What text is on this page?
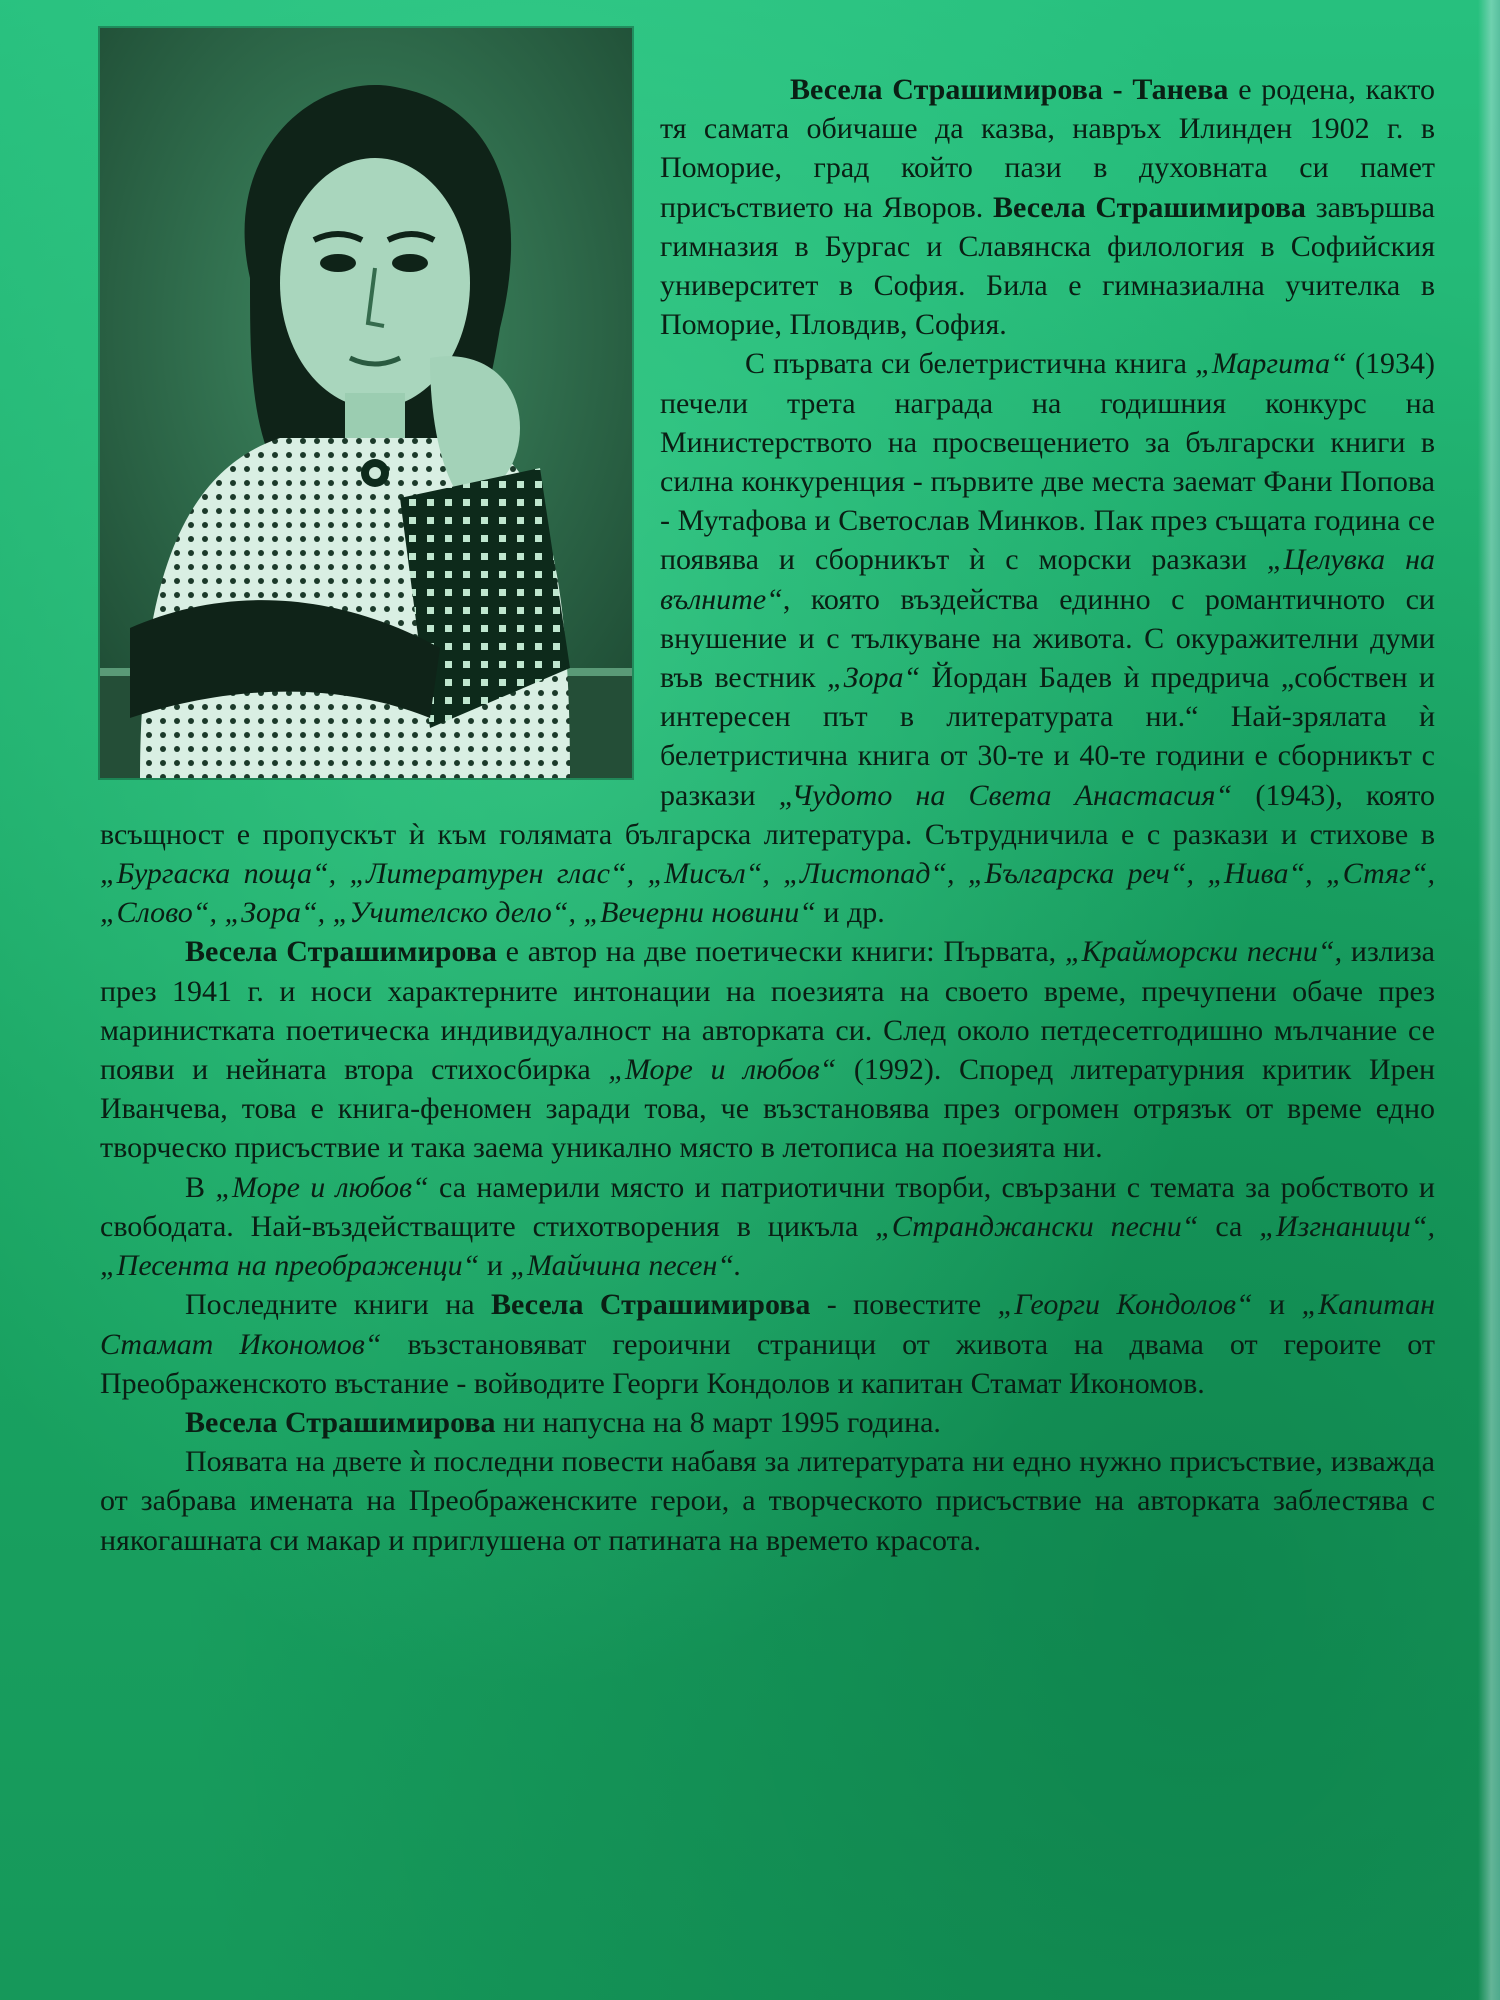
Весела Страшимирова - Танева е родена, както тя самата обичаше да казва, навръх Илинден 1902 г. в Поморие, град който пази в духовната си памет присъствието на Яворов. Весела Страшимирова завършва гимназия в Бургас и Славянска филология в Софийския университет в София. Била е гимназиална учителка в Поморие, Пловдив, София.

С първата си белетристична книга „Маргита“ (1934) печели трета награда на годишния конкурс на Министерството на просвещението за български книги в силна конкуренция - първите две места заемат Фани Попова - Мутафова и Светослав Минков. Пак през същата година се появява и сборникът ѝ с морски разкази „Целувка на вълните“, която въздейства единно с романтичното си внушение и с тълкуване на живота. С окуражителни думи във вестник „Зора“ Йордан Бадев ѝ предрича „собствен и интересен път в литературата ни.“ Най-зрялата ѝ белетристична книга от 30-те и 40-те години е сборникът с разкази „Чудото на Света Анастасия“ (1943), която всъщност е пропускът ѝ към голямата българска литература. Сътрудничила е с разкази и стихове в „Бургаска поща“, „Литературен глас“, „Мисъл“, „Листопад“, „Българска реч“, „Нива“, „Стяг“, „Слово“, „Зора“, „Учителско дело“, „Вечерни новини“ и др.

Весела Страшимирова е автор на две поетически книги: Първата, „Крайморски песни“, излиза през 1941 г. и носи характерните интонации на поезията на своето време, пречупени обаче през маринистката поетическа индивидуалност на авторката си. След около петдесетгодишно мълчание се появи и нейната втора стихосбирка „Море и любов“ (1992). Според литературния критик Ирен Иванчева, това е книга-феномен заради това, че възстановява през огромен отрязък от време едно творческо присъствие и така заема уникално място в летописа на поезията ни.

В „Море и любов“ са намерили място и патриотични творби, свързани с темата за робството и свободата. Най-въздействащите стихотворения в цикъла „Странджански песни“ са „Изгнаници“, „Песента на преображенци“ и „Майчина песен“.

Последните книги на Весела Страшимирова - повестите „Георги Кондолов“ и „Капитан Стамат Икономов“ възстановяват героични страници от живота на двама от героите от Преображенското въстание - войводите Георги Кондолов и капитан Стамат Икономов.

Весела Страшимирова ни напусна на 8 март 1995 година.

Появата на двете ѝ последни повести набавя за литературата ни едно нужно присъствие, изважда от забрава имената на Преображенските герои, а творческото присъствие на авторката заблестява с някогашната си макар и приглушена от патината на времето красота.
